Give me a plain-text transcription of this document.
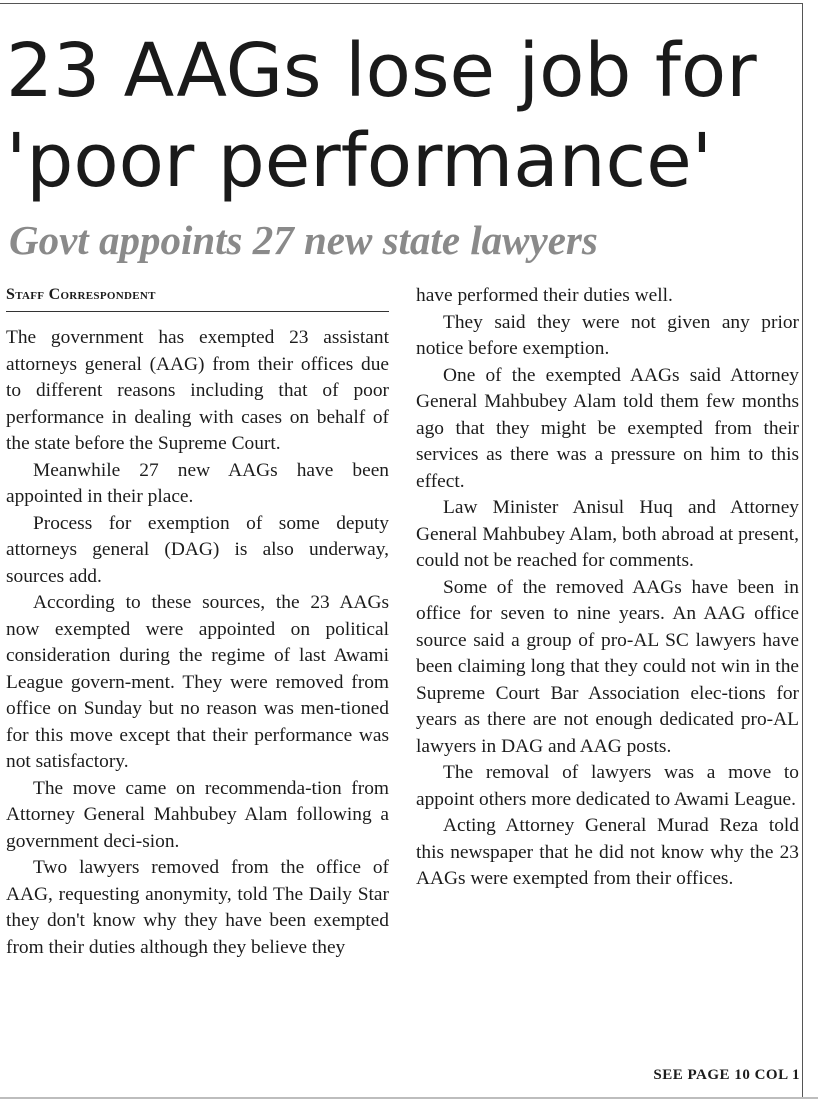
23 AAGs lose job for
'poor performance'
Govt appoints 27 new state lawyers
Staff Correspondent

The government has exempted 23 assistant attorneys general (AAG) from their offices due to different reasons including that of poor performance in dealing with cases on behalf of the state before the Supreme Court.

Meanwhile 27 new AAGs have been appointed in their place.

Process for exemption of some deputy attorneys general (DAG) is also underway, sources add.

According to these sources, the 23 AAGs now exempted were appointed on political consideration during the regime of last Awami League govern-ment. They were removed from office on Sunday but no reason was men-tioned for this move except that their performance was not satisfactory.

The move came on recommenda-tion from Attorney General Mahbubey Alam following a government deci-sion.

Two lawyers removed from the office of AAG, requesting anonymity, told The Daily Star they don't know why they have been exempted from their duties although they believe they

have performed their duties well.

They said they were not given any prior notice before exemption.

One of the exempted AAGs said Attorney General Mahbubey Alam told them few months ago that they might be exempted from their services as there was a pressure on him to this effect.

Law Minister Anisul Huq and Attorney General Mahbubey Alam, both abroad at present, could not be reached for comments.

Some of the removed AAGs have been in office for seven to nine years. An AAG office source said a group of pro-AL SC lawyers have been claiming long that they could not win in the Supreme Court Bar Association elec-tions for years as there are not enough dedicated pro-AL lawyers in DAG and AAG posts.

The removal of lawyers was a move to appoint others more dedicated to Awami League.

Acting Attorney General Murad Reza told this newspaper that he did not know why the 23 AAGs were exempted from their offices.

SEE PAGE 10 COL 1
